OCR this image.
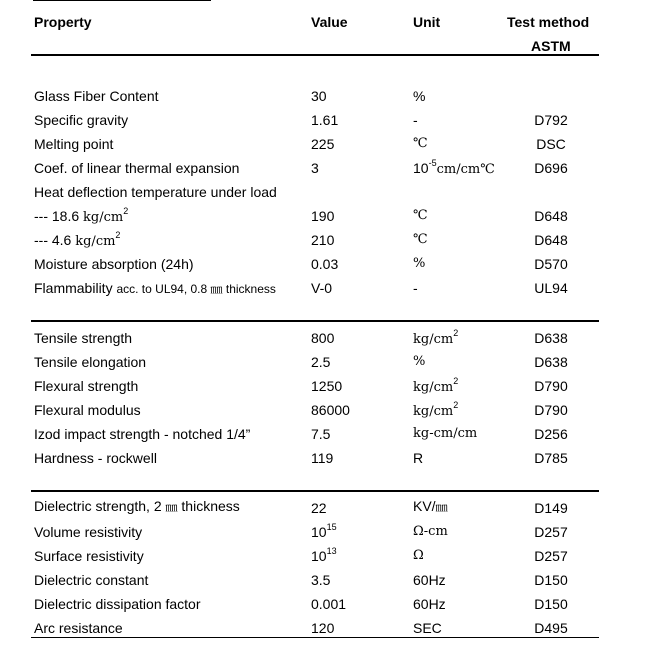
Property	Value	Unit	Test method
ASTM
Glass Fiber Content	30	%
Specific gravity	1.61	-	D792
Melting point	225	℃	DSC
Coef. of linear thermal expansion	3	$10^{-5}cm/cm℃$	D696
Heat deflection temperature under load
--- 18.6 $kg/cm^2$	190	℃	D648
--- 4.6 $kg/cm^2$	210	℃	D648
Moisture absorption (24h)	0.03	%	D570
Flammability acc. to UL94, 0.8 ㎜ thickness	V-0	-	UL94
Tensile strength	800	$kg/cm^2$	D638
Tensile elongation	2.5	%	D638
Flexural strength	1250	$kg/cm^2$	D790
Flexural modulus	86000	$kg/cm^2$	D790
Izod impact strength - notched 1/4”	7.5	kg-cm/cm	D256
Hardness - rockwell	119	R	D785
Dielectric strength, 2 ㎜ thickness	22	KV/㎜	D149
Volume resistivity	$10^{15}$	Ω-cm	D257
Surface resistivity	$10^{13}$	Ω	D257
Dielectric constant	3.5	60Hz	D150
Dielectric dissipation factor	0.001	60Hz	D150
Arc resistance	120	SEC	D495
